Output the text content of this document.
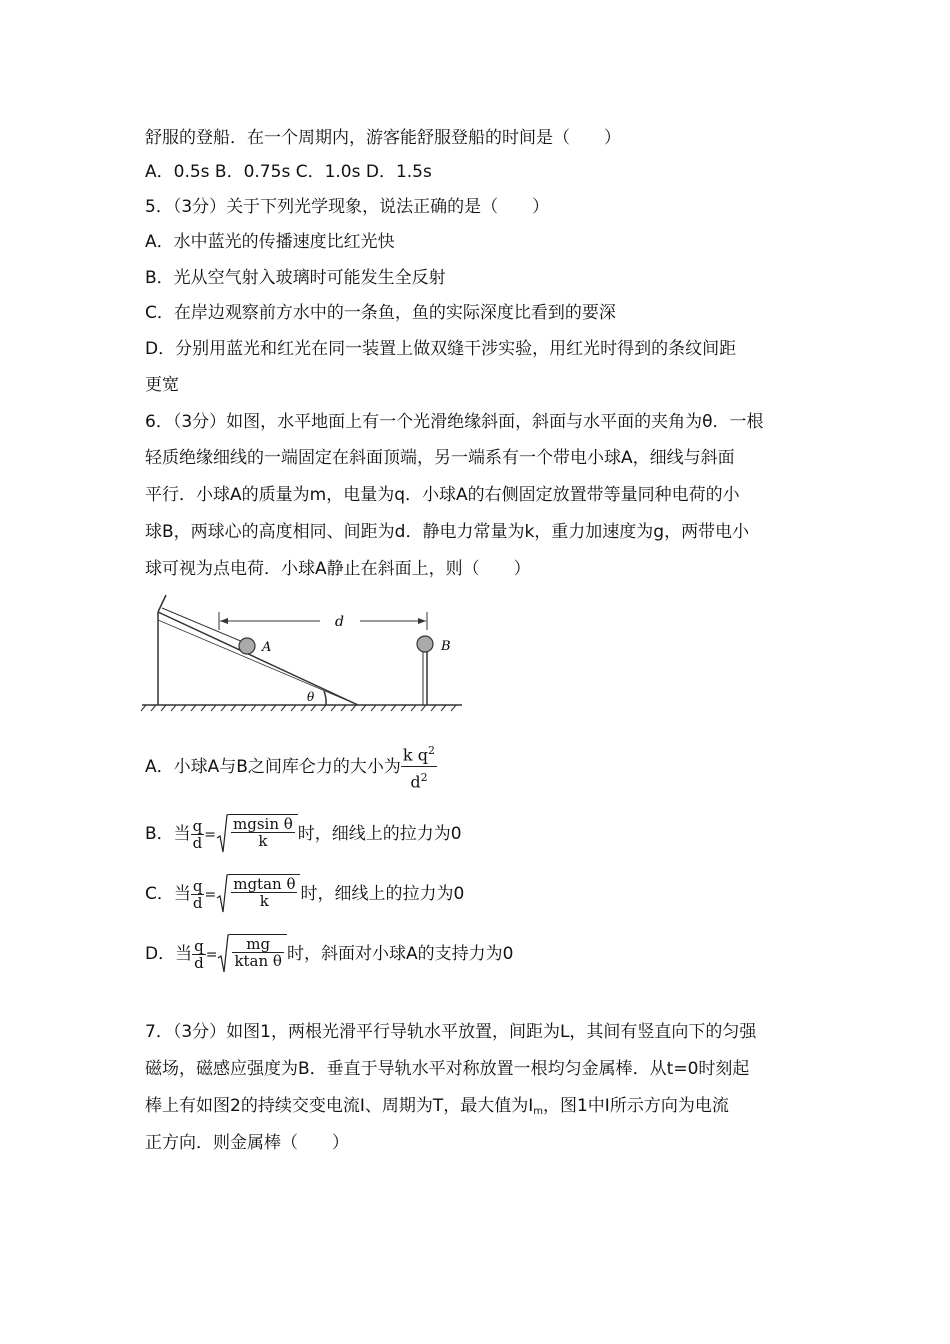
舒服的登船．在一个周期内，游客能舒服登船的时间是（　　）
A．0.5s B．0.75s C．1.0s D．1.5s
5．（3分）关于下列光学现象，说法正确的是（　　）
A．水中蓝光的传播速度比红光快
B．光从空气射入玻璃时可能发生全反射
C．在岸边观察前方水中的一条鱼，鱼的实际深度比看到的要深
D．分别用蓝光和红光在同一装置上做双缝干涉实验，用红光时得到的条纹间距
更宽
6．（3分）如图，水平地面上有一个光滑绝缘斜面，斜面与水平面的夹角为θ．一根
轻质绝缘细线的一端固定在斜面顶端，另一端系有一个带电小球A，细线与斜面
平行．小球A的质量为m，电量为q．小球A的右侧固定放置带等量同种电荷的小
球B，两球心的高度相同、间距为d．静电力常量为k，重力加速度为g，两带电小
球可视为点电荷．小球A静止在斜面上，则（　　）
A	B
d
θ
A．小球A与B之间库仑力的大小为 $\frac{k q^2}{d^2}$
B．当 $\frac{q}{d} = \frac{\text{mgsin θ}}{k}$ 时，细线上的拉力为0
C．当 $\frac{q}{d} = \frac{\text{mgtan θ}}{k}$ 时，细线上的拉力为0
D．当 $\frac{q}{d} = \frac{mg}{\text{ktan θ}}$ 时，斜面对小球A的支持力为0
7．（3分）如图1，两根光滑平行导轨水平放置，间距为L，其间有竖直向下的匀强
磁场，磁感应强度为B．垂直于导轨水平对称放置一根均匀金属棒．从t=0时刻起
棒上有如图2的持续交变电流I、周期为T，最大值为$I_m$，图1中I所示方向为电流
正方向．则金属棒（　　）
